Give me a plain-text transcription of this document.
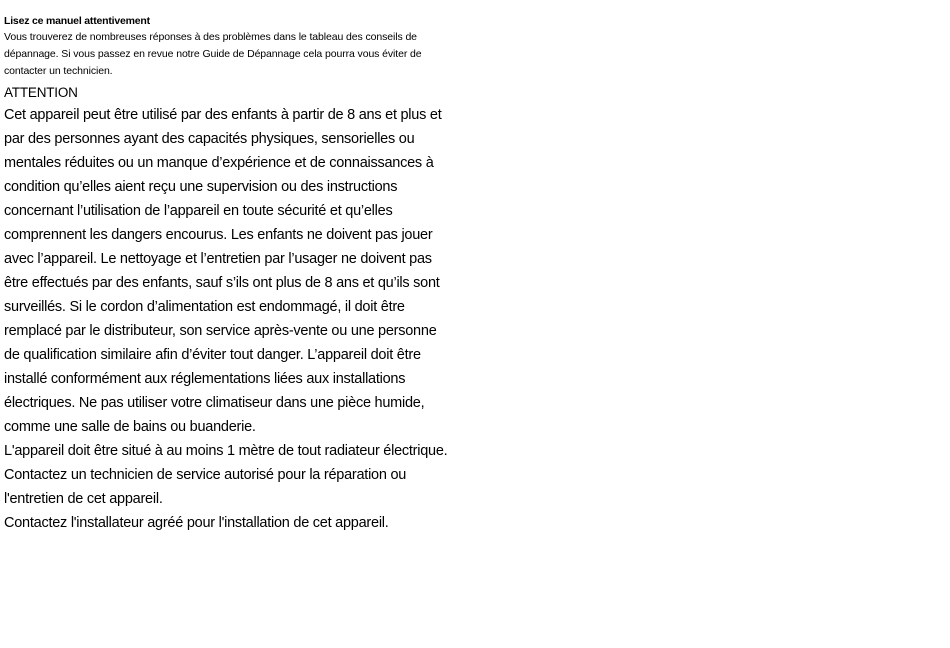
Lisez ce manuel attentivement

Vous trouverez de nombreuses réponses à des problèmes dans le tableau des conseils de dépannage. Si vous passez en revue notre Guide de Dépannage cela pourra vous éviter de contacter un technicien.

ATTENTION

Cet appareil peut être utilisé par des enfants à partir de 8 ans et plus et par des personnes ayant des capacités physiques, sensorielles ou mentales réduites ou un manque d’expérience et de connaissances à condition qu’elles aient reçu une supervision ou des instructions concernant l’utilisation de l’appareil en toute sécurité et qu’elles comprennent les dangers encourus. Les enfants ne doivent pas jouer avec l’appareil. Le nettoyage et l’entretien par l’usager ne doivent pas être effectués par des enfants, sauf s’ils ont plus de 8 ans et qu’ils sont surveillés. Si le cordon d’alimentation est endommagé, il doit être remplacé par le distributeur, son service après-vente ou une personne de qualification similaire afin d’éviter tout danger. L’appareil doit être installé conformément aux réglementations liées aux installations électriques. Ne pas utiliser votre climatiseur dans une pièce humide, comme une salle de bains ou buanderie.

L'appareil doit être situé à au moins 1 mètre de tout radiateur électrique. Contactez un technicien de service autorisé pour la réparation ou l'entretien de cet appareil.

Contactez l'installateur agréé pour l'installation de cet appareil.
